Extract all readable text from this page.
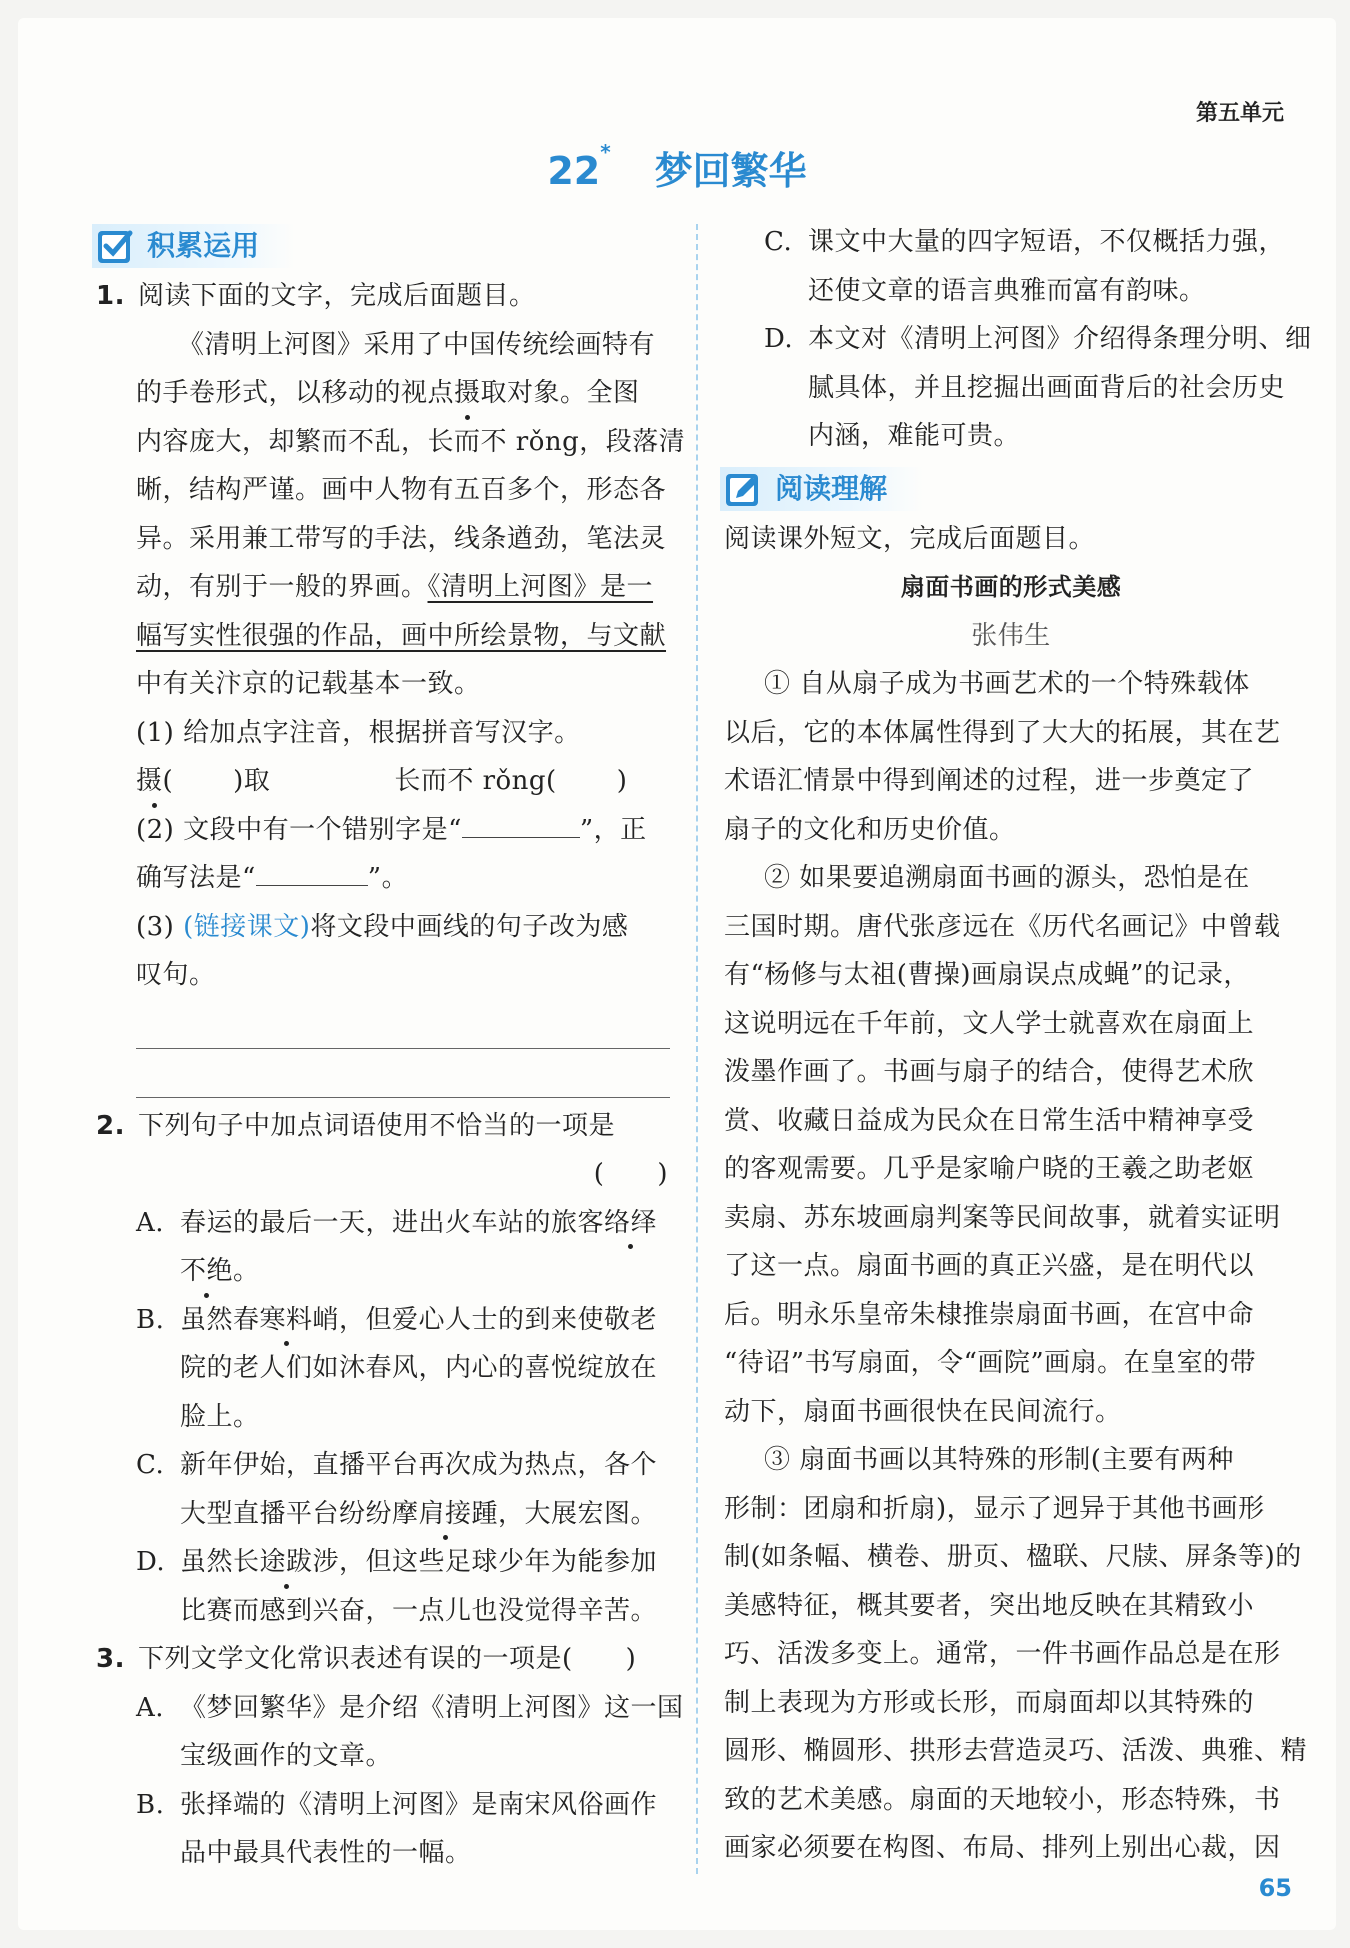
第五单元
22* 梦回繁华
积累运用
1. 阅读下面的文字，完成后面题目。
《清明上河图》采用了中国传统绘画特有
的手卷形式，以移动的视点摄取对象。全图
内容庞大，却繁而不乱，长而不 rǒng，段落清
晰，结构严谨。画中人物有五百多个，形态各
异。采用兼工带写的手法，线条遒劲，笔法灵
动，有别于一般的界画。《清明上河图》是一
幅写实性很强的作品，画中所绘景物，与文献
中有关汴京的记载基本一致。
(1) 给加点字注音，根据拼音写汉字。
摄( )取	长而不 rǒng( )
(2) 文段中有一个错别字是“	”，正
确写法是“	”。
(3) (链接课文)将文段中画线的句子改为感
叹句。
2. 下列句子中加点词语使用不恰当的一项是
(　　)
A. 春运的最后一天，进出火车站的旅客络绎
不绝。
B. 虽然春寒料峭，但爱心人士的到来使敬老
院的老人们如沐春风，内心的喜悦绽放在
脸上。
C. 新年伊始，直播平台再次成为热点，各个
大型直播平台纷纷摩肩接踵，大展宏图。
D. 虽然长途跋涉，但这些足球少年为能参加
比赛而感到兴奋，一点儿也没觉得辛苦。
3. 下列文学文化常识表述有误的一项是(　　)
A. 《梦回繁华》是介绍《清明上河图》这一国
宝级画作的文章。
B. 张择端的《清明上河图》是南宋风俗画作
品中最具代表性的一幅。
C. 课文中大量的四字短语，不仅概括力强，
还使文章的语言典雅而富有韵味。
D. 本文对《清明上河图》介绍得条理分明、细
腻具体，并且挖掘出画面背后的社会历史
内涵，难能可贵。
阅读理解
阅读课外短文，完成后面题目。
扇面书画的形式美感
张伟生
① 自从扇子成为书画艺术的一个特殊载体
以后，它的本体属性得到了大大的拓展，其在艺
术语汇情景中得到阐述的过程，进一步奠定了
扇子的文化和历史价值。
② 如果要追溯扇面书画的源头，恐怕是在
三国时期。唐代张彦远在《历代名画记》中曾载
有“杨修与太祖(曹操)画扇误点成蝇”的记录，
这说明远在千年前，文人学士就喜欢在扇面上
泼墨作画了。书画与扇子的结合，使得艺术欣
赏、收藏日益成为民众在日常生活中精神享受
的客观需要。几乎是家喻户晓的王羲之助老妪
卖扇、苏东坡画扇判案等民间故事，就着实证明
了这一点。扇面书画的真正兴盛，是在明代以
后。明永乐皇帝朱棣推崇扇面书画，在宫中命
“待诏”书写扇面，令“画院”画扇。在皇室的带
动下，扇面书画很快在民间流行。
③ 扇面书画以其特殊的形制(主要有两种
形制：团扇和折扇)，显示了迥异于其他书画形
制(如条幅、横卷、册页、楹联、尺牍、屏条等)的
美感特征，概其要者，突出地反映在其精致小
巧、活泼多变上。通常，一件书画作品总是在形
制上表现为方形或长形，而扇面却以其特殊的
圆形、椭圆形、拱形去营造灵巧、活泼、典雅、精
致的艺术美感。扇面的天地较小，形态特殊，书
画家必须要在构图、布局、排列上别出心裁，因
65
